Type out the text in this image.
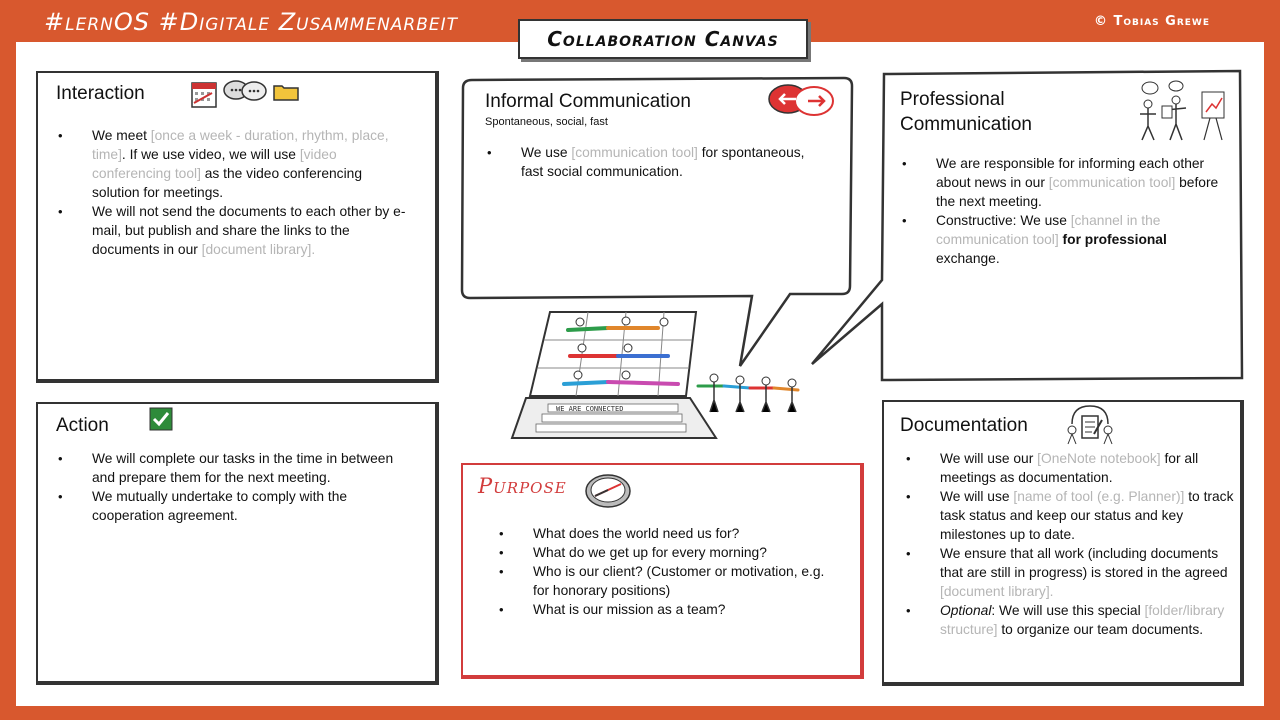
#lernOS #Digitale Zusammenarbeit	© Tobias Grewe
Collaboration Canvas
Interaction
• We meet [once a week - duration, rhythm, place, time]. If we use video, we will use [video conferencing tool] as the video conferencing solution for meetings.
• We will not send the documents to each other by e-mail, but publish and share the links to the documents in our [document library].
Informal Communication
Spontaneous, social, fast
• We use [communication tool] for spontaneous, fast social communication.
Professional Communication
• We are responsible for informing each other about news in our [communication tool] before the next meeting.
• Constructive: We use [channel in the communication tool] for professional exchange.
Action
• We will complete our tasks in the time in between and prepare them for the next meeting.
• We mutually undertake to comply with the cooperation agreement.
WE ARE CONNECTED
Purpose
• What does the world need us for?
• What do we get up for every morning?
• Who is our client? (Customer or motivation, e.g. for honorary positions)
• What is our mission as a team?
Documentation
• We will use our [OneNote notebook] for all meetings as documentation.
• We will use [name of tool (e.g. Planner)] to track task status and keep our status and key milestones up to date.
• We ensure that all work (including documents that are still in progress) is stored in the agreed [document library].
• Optional: We will use this special [folder/library structure] to organize our team documents.
